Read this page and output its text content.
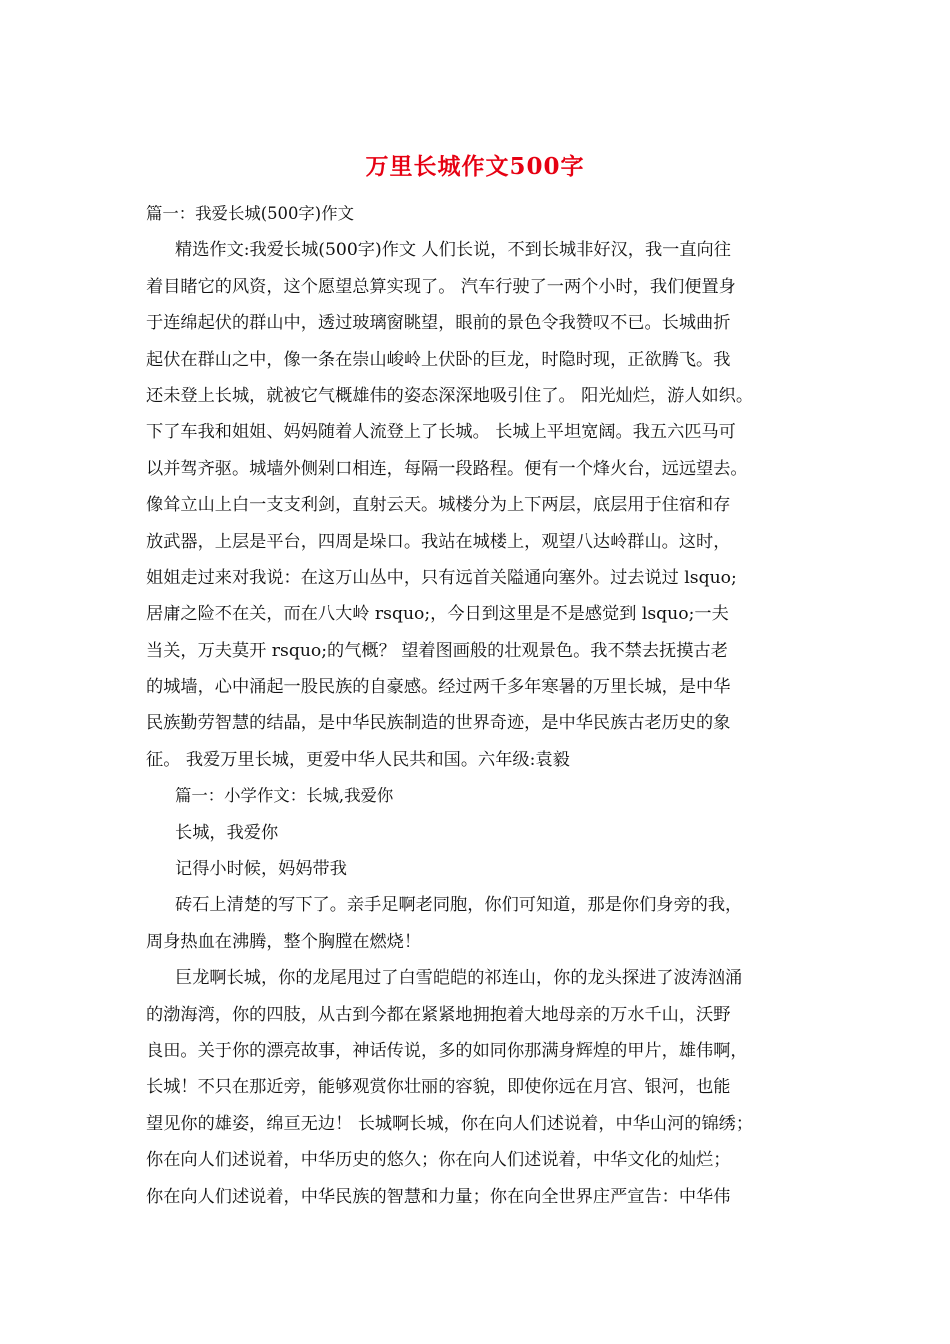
万里长城作文500字
篇一：我爱长城(500字)作文
精选作文:我爱长城(500字)作文 人们长说，不到长城非好汉，我一直向往
着目睹它的风资，这个愿望总算实现了。 汽车行驶了一两个小时，我们便置身
于连绵起伏的群山中，透过玻璃窗眺望，眼前的景色令我赞叹不已。长城曲折
起伏在群山之中，像一条在崇山峻岭上伏卧的巨龙，时隐时现，正欲腾飞。我
还未登上长城，就被它气概雄伟的姿态深深地吸引住了。 阳光灿烂，游人如织。
下了车我和姐姐、妈妈随着人流登上了长城。 长城上平坦宽阔。我五六匹马可
以并驾齐驱。城墙外侧剁口相连，每隔一段路程。便有一个烽火台，远远望去。
像耸立山上白一支支利剑，直射云天。城楼分为上下两层，底层用于住宿和存
放武器，上层是平台，四周是垛口。我站在城楼上，观望八达岭群山。这时，
姐姐走过来对我说：在这万山丛中，只有远首关隘通向塞外。过去说过 lsquo;
居庸之险不在关，而在八大岭 rsquo;，今日到这里是不是感觉到 lsquo;一夫
当关，万夫莫开 rsquo;的气概？ 望着图画般的壮观景色。我不禁去抚摸古老
的城墙，心中涌起一股民族的自豪感。经过两千多年寒暑的万里长城，是中华
民族勤劳智慧的结晶，是中华民族制造的世界奇迹，是中华民族古老历史的象
征。 我爱万里长城，更爱中华人民共和国。六年级:袁毅
篇一：小学作文：长城,我爱你
长城，我爱你
记得小时候，妈妈带我
砖石上清楚的写下了。亲手足啊老同胞，你们可知道，那是你们身旁的我，
周身热血在沸腾，整个胸膛在燃烧！
巨龙啊长城，你的龙尾甩过了白雪皑皑的祁连山，你的龙头探进了波涛汹涌
的渤海湾，你的四肢，从古到今都在紧紧地拥抱着大地母亲的万水千山，沃野
良田。关于你的漂亮故事，神话传说，多的如同你那满身辉煌的甲片，雄伟啊，
长城！不只在那近旁，能够观赏你壮丽的容貌，即使你远在月宫、银河，也能
望见你的雄姿，绵亘无边！ 长城啊长城，你在向人们述说着，中华山河的锦绣；
你在向人们述说着，中华历史的悠久；你在向人们述说着，中华文化的灿烂；
你在向人们述说着，中华民族的智慧和力量；你在向全世界庄严宣告：中华伟
